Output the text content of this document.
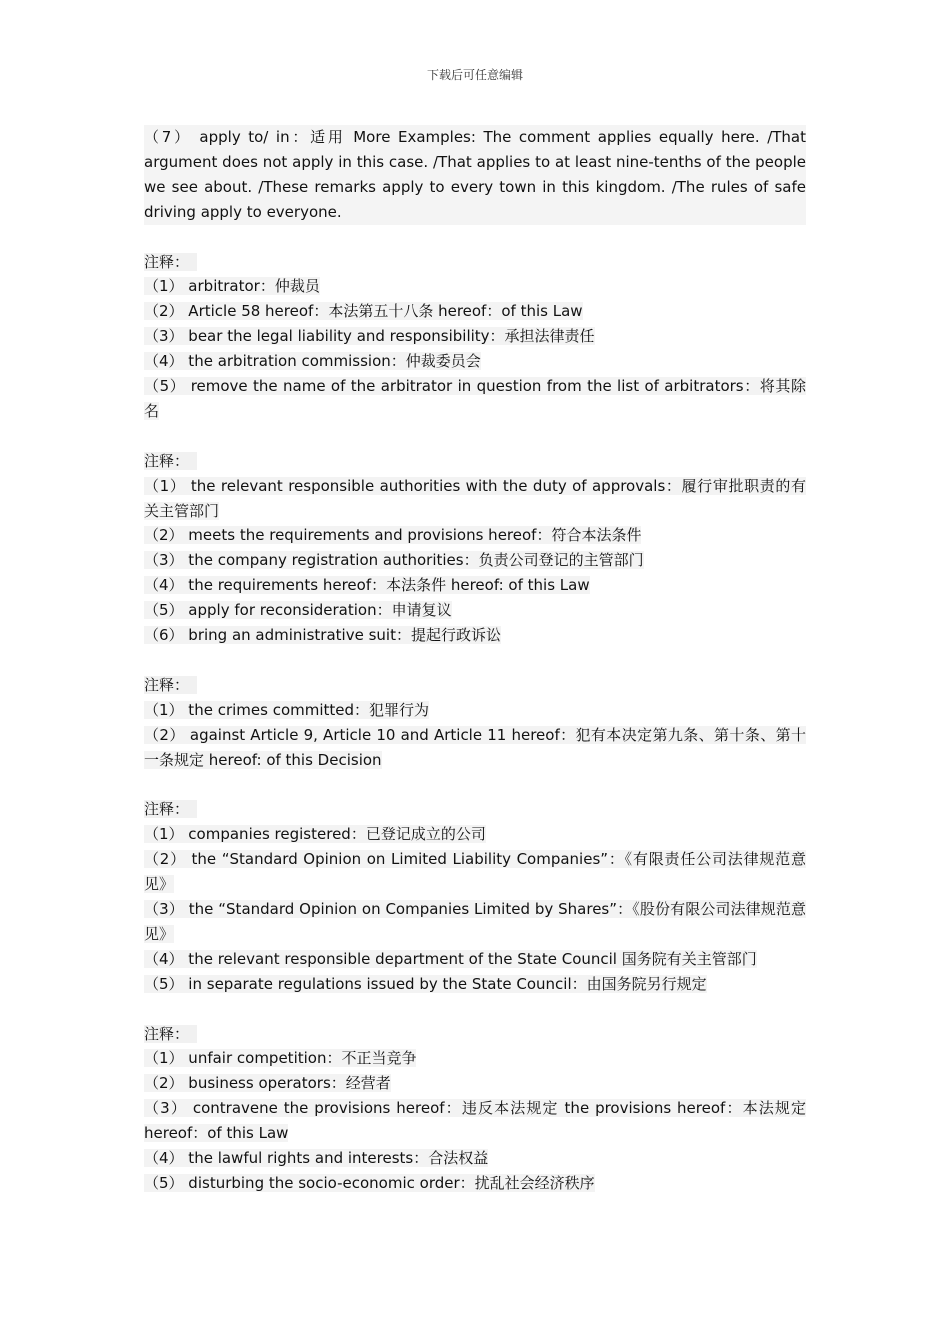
下载后可任意编辑

（7） apply to/ in：适用 More Examples: The comment applies equally here. /That argument does not apply in this case. /That applies to at least nine-tenths of the people we see about. /These remarks apply to every town in this kingdom. /The rules of safe driving apply to everyone.

注释：

（1） arbitrator：仲裁员

（2） Article 58 hereof：本法第五十八条 hereof：of this Law

（3） bear the legal liability and responsibility：承担法律责任

（4） the arbitration commission：仲裁委员会

（5） remove the name of the arbitrator in question from the list of arbitrators：将其除名

注释：

（1） the relevant responsible authorities with the duty of approvals：履行审批职责的有关主管部门

（2） meets the requirements and provisions hereof：符合本法条件

（3） the company registration authorities：负责公司登记的主管部门

（4） the requirements hereof：本法条件 hereof: of this Law

（5） apply for reconsideration：申请复议

（6） bring an administrative suit：提起行政诉讼

注释：

（1） the crimes committed：犯罪行为

（2） against Article 9, Article 10 and Article 11 hereof：犯有本决定第九条、第十条、第十一条规定 hereof: of this Decision

注释：

（1） companies registered：已登记成立的公司

（2） the “Standard Opinion on Limited Liability Companies”：《有限责任公司法律规范意见》

（3） the “Standard Opinion on Companies Limited by Shares”：《股份有限公司法律规范意见》

（4） the relevant responsible department of the State Council 国务院有关主管部门

（5） in separate regulations issued by the State Council：由国务院另行规定

注释：

（1） unfair competition：不正当竞争

（2） business operators：经营者

（3） contravene the provisions hereof：违反本法规定 the provisions hereof：本法规定 hereof：of this Law

（4） the lawful rights and interests：合法权益

（5） disturbing the socio-economic order：扰乱社会经济秩序
